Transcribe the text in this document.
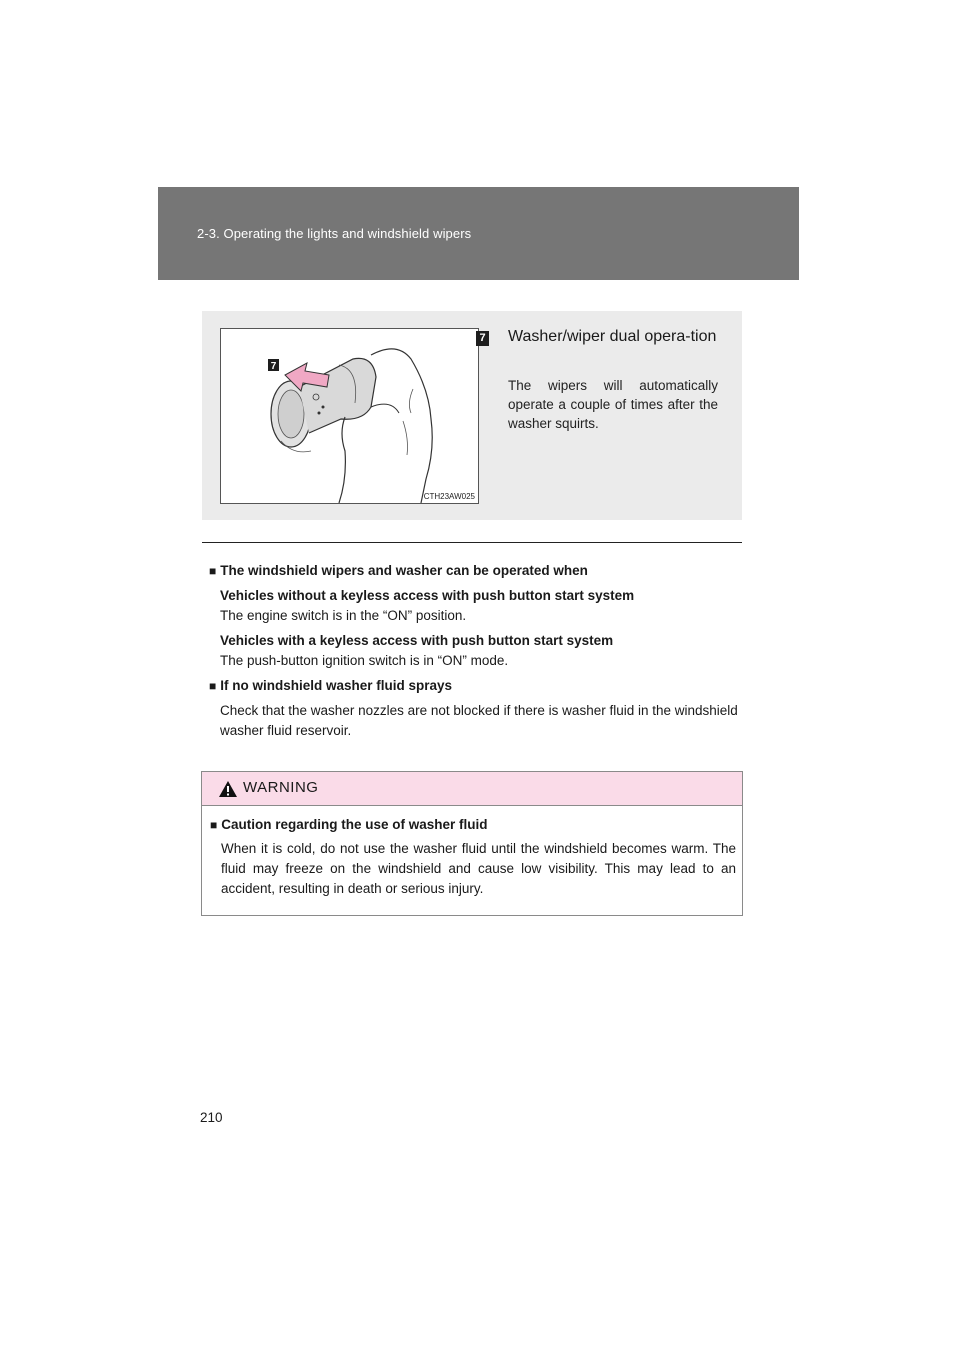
2-3. Operating the lights and windshield wipers
7
CTH23AW025
7 Washer/wiper dual opera-tion
The wipers will automatically operate a couple of times after the washer squirts.

■ The windshield wipers and washer can be operated when

Vehicles without a keyless access with push button start system

The engine switch is in the “ON” position.

Vehicles with a keyless access with push button start system

The push-button ignition switch is in “ON” mode.

■ If no windshield washer fluid sprays

Check that the washer nozzles are not blocked if there is washer fluid in the windshield washer fluid reservoir.

WARNING

■ Caution regarding the use of washer fluid

When it is cold, do not use the washer fluid until the windshield becomes warm. The fluid may freeze on the windshield and cause low visibility. This may lead to an accident, resulting in death or serious injury.

210
